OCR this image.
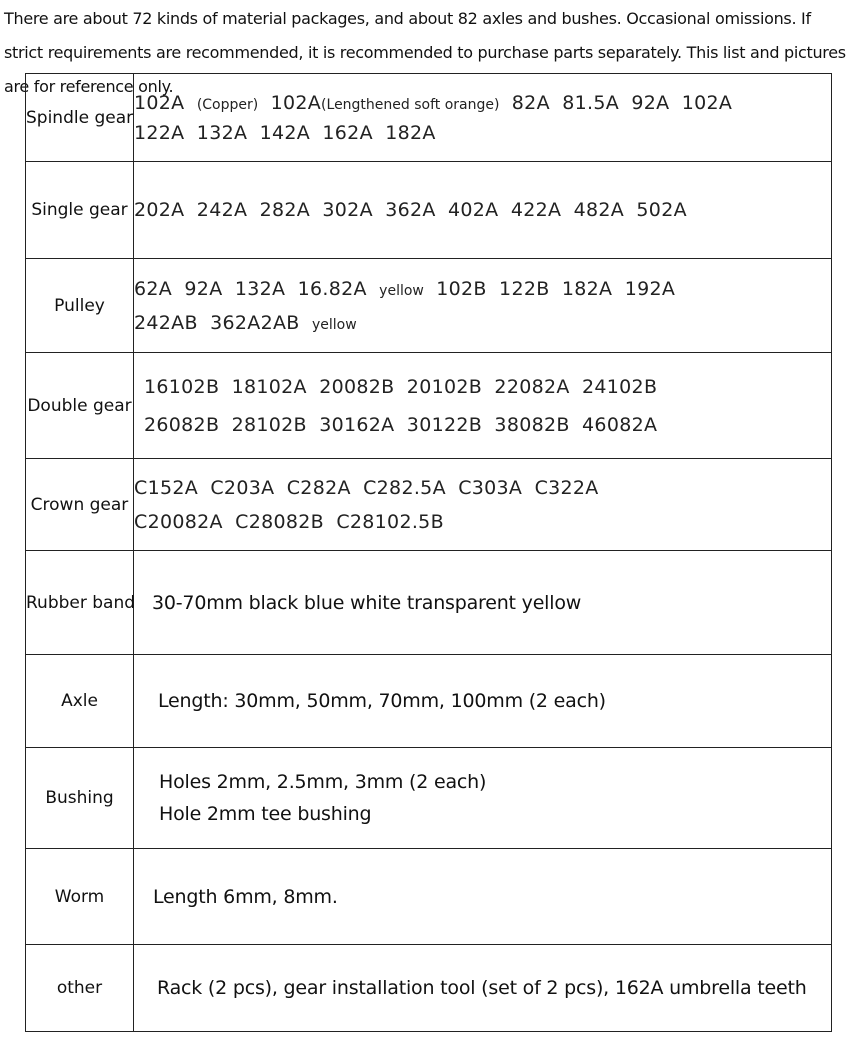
There are about 72 kinds of material packages, and about 82 axles and bushes. Occasional omissions. If strict requirements are recommended, it is recommended to purchase parts separately. This list and pictures are for reference only.
Spindle gear	102A (Copper) 102A(Lengthened soft orange) 82A 81.5A 92A 102A
122A 132A 142A 162A 182A

Single gear	202A 242A 282A 302A 362A 402A 422A 482A 502A

Pulley	62A 92A 132A 16.82A yellow 102B 122B 182A 192A
242AB 362A2AB yellow

Double gear	16102B 18102A 20082B 20102B 22082A 24102B
26082B 28102B 30162A 30122B 38082B 46082A

Crown gear	C152A C203A C282A C282.5A C303A C322A
C20082A C28082B C28102.5B

Rubber band	30-70mm black blue white transparent yellow

Axle	Length: 30mm, 50mm, 70mm, 100mm (2 each)

Bushing	Holes 2mm, 2.5mm, 3mm (2 each)
Hole 2mm tee bushing

Worm	Length 6mm, 8mm.

other	Rack (2 pcs), gear installation tool (set of 2 pcs), 162A umbrella teeth
